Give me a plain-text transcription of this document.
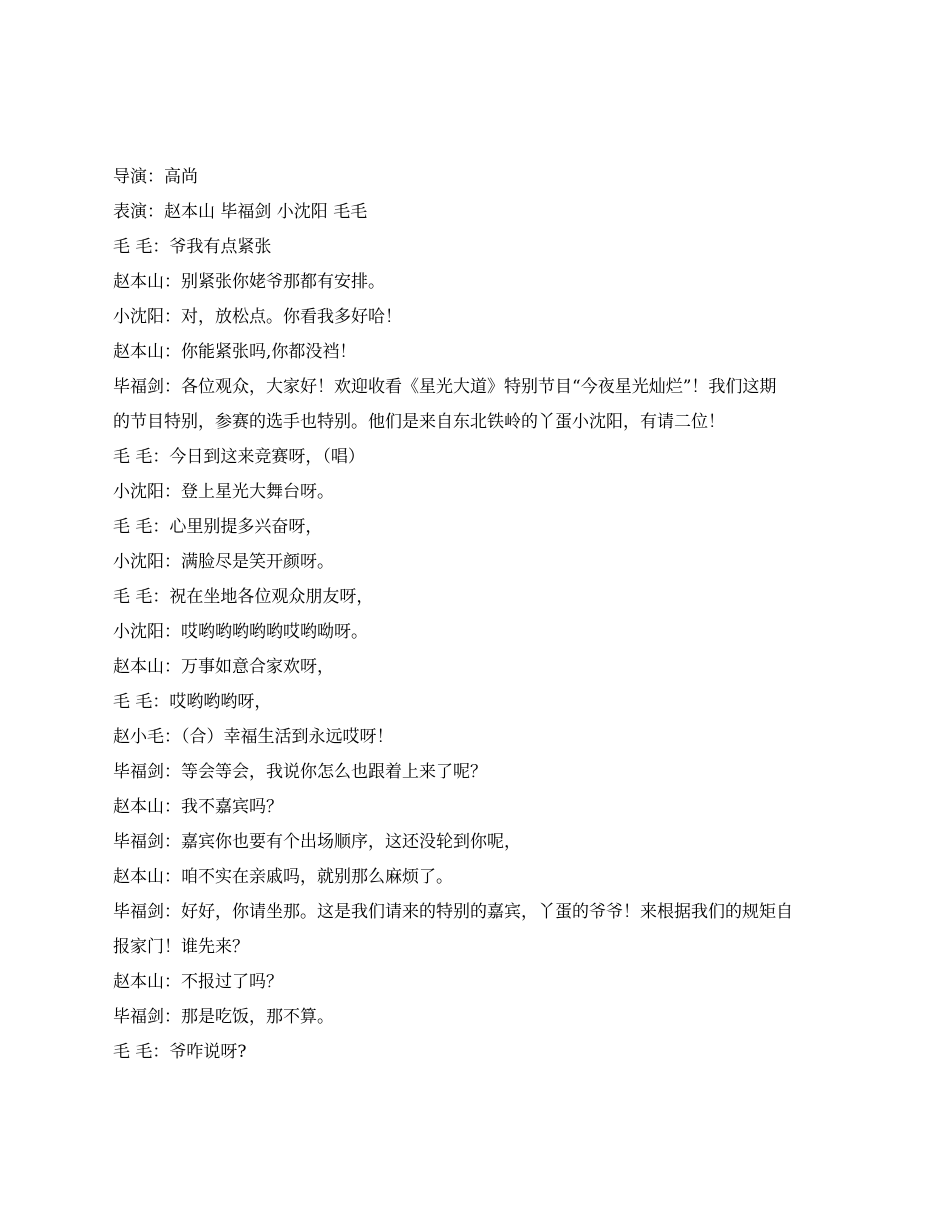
导演：高尚
表演：赵本山 毕福剑 小沈阳 毛毛
毛 毛：爷我有点紧张
赵本山：别紧张你姥爷那都有安排。
小沈阳：对，放松点。你看我多好哈！
赵本山：你能紧张吗,你都没裆！
毕福剑：各位观众，大家好！欢迎收看《星光大道》特别节目“今夜星光灿烂”！我们这期
的节目特别，参赛的选手也特别。他们是来自东北铁岭的丫蛋小沈阳，有请二位！
毛 毛：今日到这来竞赛呀，（唱）
小沈阳：登上星光大舞台呀。
毛 毛：心里别提多兴奋呀，
小沈阳：满脸尽是笑开颜呀。
毛 毛：祝在坐地各位观众朋友呀，
小沈阳：哎哟哟哟哟哟哎哟呦呀。
赵本山：万事如意合家欢呀，
毛 毛：哎哟哟哟呀，
赵小毛：（合）幸福生活到永远哎呀！
毕福剑：等会等会，我说你怎么也跟着上来了呢？
赵本山：我不嘉宾吗？
毕福剑：嘉宾你也要有个出场顺序，这还没轮到你呢，
赵本山：咱不实在亲戚吗，就别那么麻烦了。
毕福剑：好好，你请坐那。这是我们请来的特别的嘉宾，丫蛋的爷爷！来根据我们的规矩自
报家门！谁先来？
赵本山：不报过了吗？
毕福剑：那是吃饭，那不算。
毛 毛：爷咋说呀?
